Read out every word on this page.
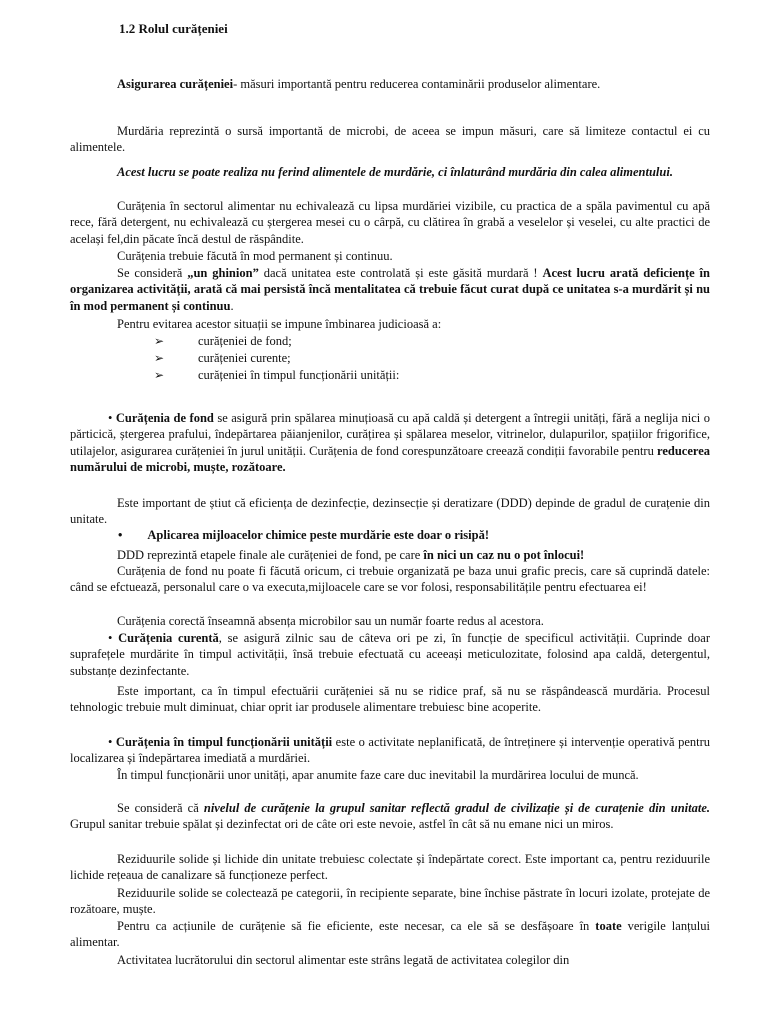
1.2 Rolul curățeniei

Asigurarea curățeniei- măsuri importantă pentru reducerea contaminării produselor alimentare.

Murdăria reprezintă o sursă importantă de microbi, de aceea se impun măsuri, care să limiteze contactul ei cu alimentele.

Acest lucru se poate realiza nu ferind alimentele de murdărie, ci înlaturând murdăria din calea alimentului.

Curățenia în sectorul alimentar nu echivalează cu lipsa murdăriei vizibile, cu practica de a spăla pavimentul cu apă rece, fără detergent, nu echivalează cu ștergerea mesei cu o cârpă, cu clătirea în grabă a veselelor și veselei, cu alte practici de același fel,din păcate încă destul de răspândite.

Curățenia trebuie făcută în mod permanent și continuu.

Se consideră „un ghinion” dacă unitatea este controlată și este găsită murdară ! Acest lucru arată deficiențe în organizarea activității, arată că mai persistă încă mentalitatea că trebuie făcut curat după ce unitatea s-a murdărit și nu în mod permanent și continuu.

Pentru evitarea acestor situații se impune îmbinarea judicioasă a:

➢	curățeniei de fond;
➢	curățeniei curente;
➢	curățeniei în timpul funcționării unității:

• Curățenia de fond se asigură prin spălarea minuțioasă cu apă caldă și detergent a întregii unități, fără a neglija nici o părticică, ștergerea prafului, îndepărtarea păianjenilor, curățirea și spălarea meselor, vitrinelor, dulapurilor, spațiilor frigorifice, utilajelor, asigurarea curățeniei în jurul unității. Curățenia de fond corespunzătoare creează condiții favorabile pentru reducerea numărului de microbi, muște, rozătoare.

Este important de știut că eficiența de dezinfecție, dezinsecție și deratizare (DDD) depinde de gradul de curațenie din unitate.

• Aplicarea mijloacelor chimice peste murdărie este doar o risipă!

DDD reprezintă etapele finale ale curățeniei de fond, pe care în nici un caz nu o pot înlocui!

Curățenia de fond nu poate fi făcută oricum, ci trebuie organizată pe baza unui grafic precis, care să cuprindă datele: când se efctuează, personalul care o va executa,mijloacele care se vor folosi, responsabilitățile pentru efectuarea ei!

Curățenia corectă înseamnă absența microbilor sau un număr foarte redus al acestora.

• Curățenia curentă, se asigură zilnic sau de câteva ori pe zi, în funcție de specificul activității. Cuprinde doar suprafețele murdărite în timpul activității, însă trebuie efectuată cu aceeași meticulozitate, folosind apa caldă, detergentul, substanțe dezinfectante.

Este important, ca în timpul efectuării curățeniei să nu se ridice praf, să nu se răspândească murdăria. Procesul tehnologic trebuie mult diminuat, chiar oprit iar produsele alimentare trebuiesc bine acoperite.

• Curățenia în timpul funcționării unității este o activitate neplanificată, de întreținere și intervenție operativă pentru localizarea și îndepărtarea imediată a murdăriei.

În timpul funcționării unor unități, apar anumite faze care duc inevitabil la murdărirea locului de muncă.

Se consideră că nivelul de curățenie la grupul sanitar reflectă gradul de civilizație și de curațenie din unitate. Grupul sanitar trebuie spălat și dezinfectat ori de câte ori este nevoie, astfel în cât să nu emane nici un miros.

Reziduurile solide și lichide din unitate trebuiesc colectate și îndepărtate corect. Este important ca, pentru reziduurile lichide rețeaua de canalizare să funcționeze perfect.

Reziduurile solide se colectează pe categorii, în recipiente separate, bine închise păstrate în locuri izolate, protejate de rozătoare, muște.

Pentru ca acțiunile de curățenie să fie eficiente, este necesar, ca ele să se desfășoare în toate verigile lanțului alimentar.

Activitatea lucrătorului din sectorul alimentar este strâns legată de activitatea colegilor din
